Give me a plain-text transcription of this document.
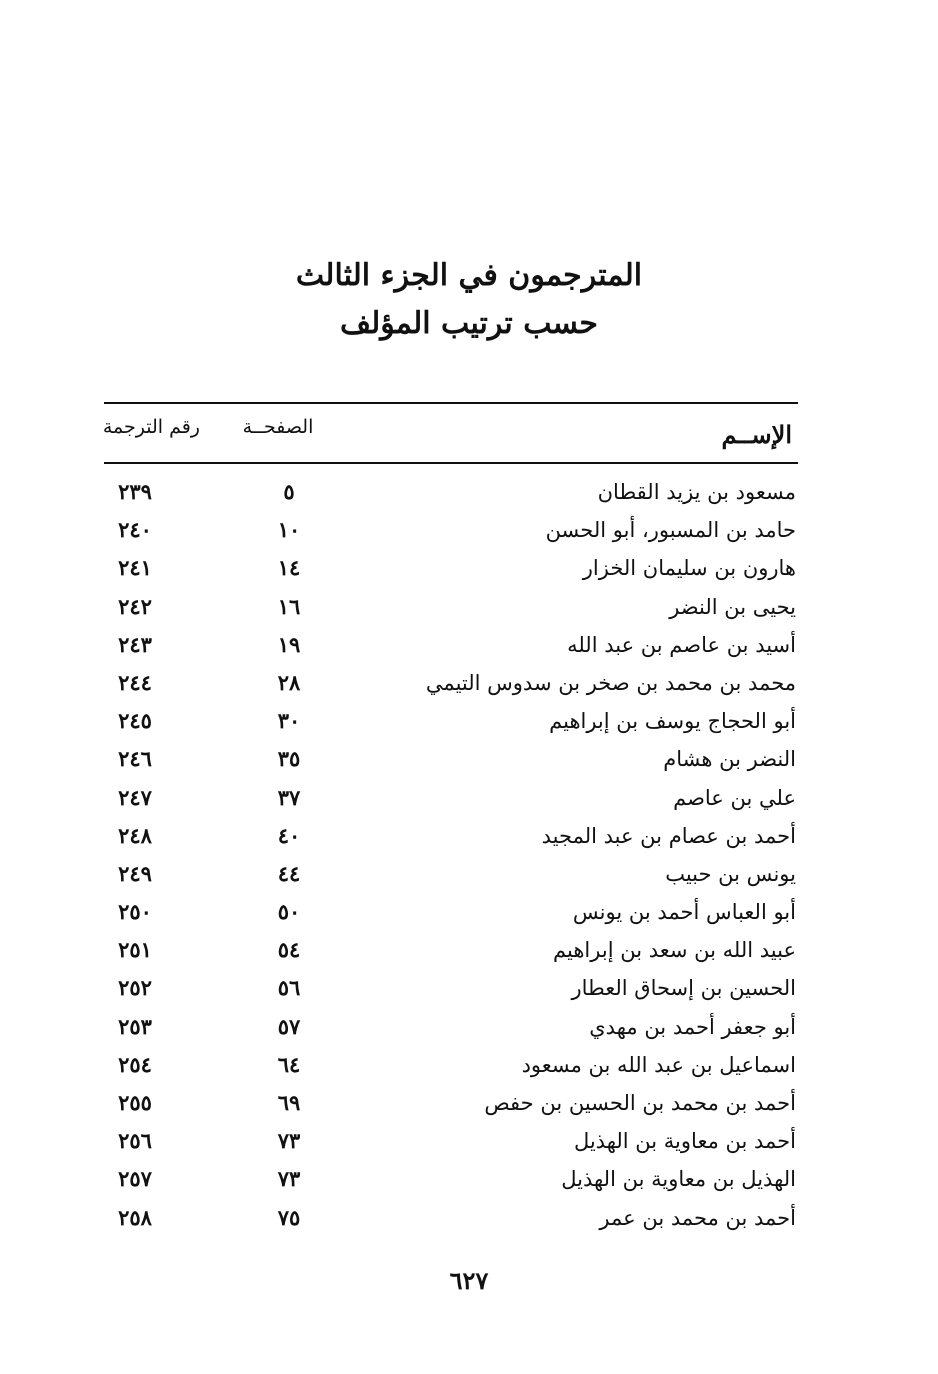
المترجمون في الجزء الثالث
حسب ترتيب المؤلف
الإســم
الصفحــة
رقم الترجمة
مسعود بن يزيد القطان
٥
٢٣٩
حامد بن المسبور، أبو الحسن
١٠
٢٤٠
هارون بن سليمان الخزار
١٤
٢٤١
يحيى بن النضر
١٦
٢٤٢
أسيد بن عاصم بن عبد الله
١٩
٢٤٣
محمد بن محمد بن صخر بن سدوس التيمي
٢٨
٢٤٤
أبو الحجاج يوسف بن إبراهيم
٣٠
٢٤٥
النضر بن هشام
٣٥
٢٤٦
علي بن عاصم
٣٧
٢٤٧
أحمد بن عصام بن عبد المجيد
٤٠
٢٤٨
يونس بن حبيب
٤٤
٢٤٩
أبو العباس أحمد بن يونس
٥٠
٢٥٠
عبيد الله بن سعد بن إبراهيم
٥٤
٢٥١
الحسين بن إسحاق العطار
٥٦
٢٥٢
أبو جعفر أحمد بن مهدي
٥٧
٢٥٣
اسماعيل بن عبد الله بن مسعود
٦٤
٢٥٤
أحمد بن محمد بن الحسين بن حفص
٦٩
٢٥٥
أحمد بن معاوية بن الهذيل
٧٣
٢٥٦
الهذيل بن معاوية بن الهذيل
٧٣
٢٥٧
أحمد بن محمد بن عمر
٧٥
٢٥٨
٦٢٧
